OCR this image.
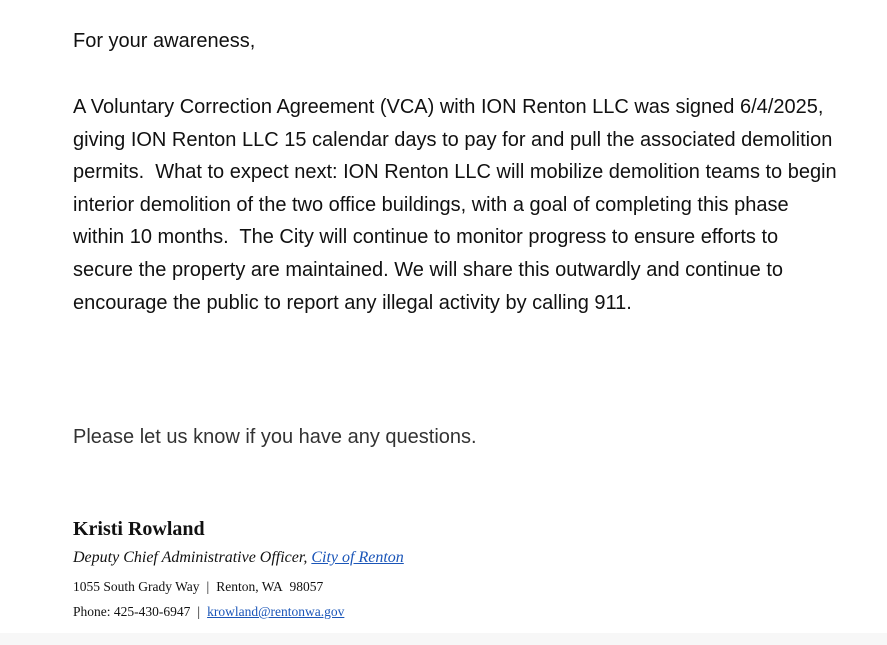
For your awareness,

A Voluntary Correction Agreement (VCA) with ION Renton LLC was signed 6/4/2025, giving ION Renton LLC 15 calendar days to pay for and pull the associated demolition permits.  What to expect next: ION Renton LLC will mobilize demolition teams to begin interior demolition of the two office buildings, with a goal of completing this phase within 10 months.  The City will continue to monitor progress to ensure efforts to secure the property are maintained. We will share this outwardly and continue to encourage the public to report any illegal activity by calling 911.

Please let us know if you have any questions.

Kristi Rowland
Deputy Chief Administrative Officer, City of Renton
1055 South Grady Way | Renton, WA  98057
Phone: 425-430-6947 | krowland@rentonwa.gov
